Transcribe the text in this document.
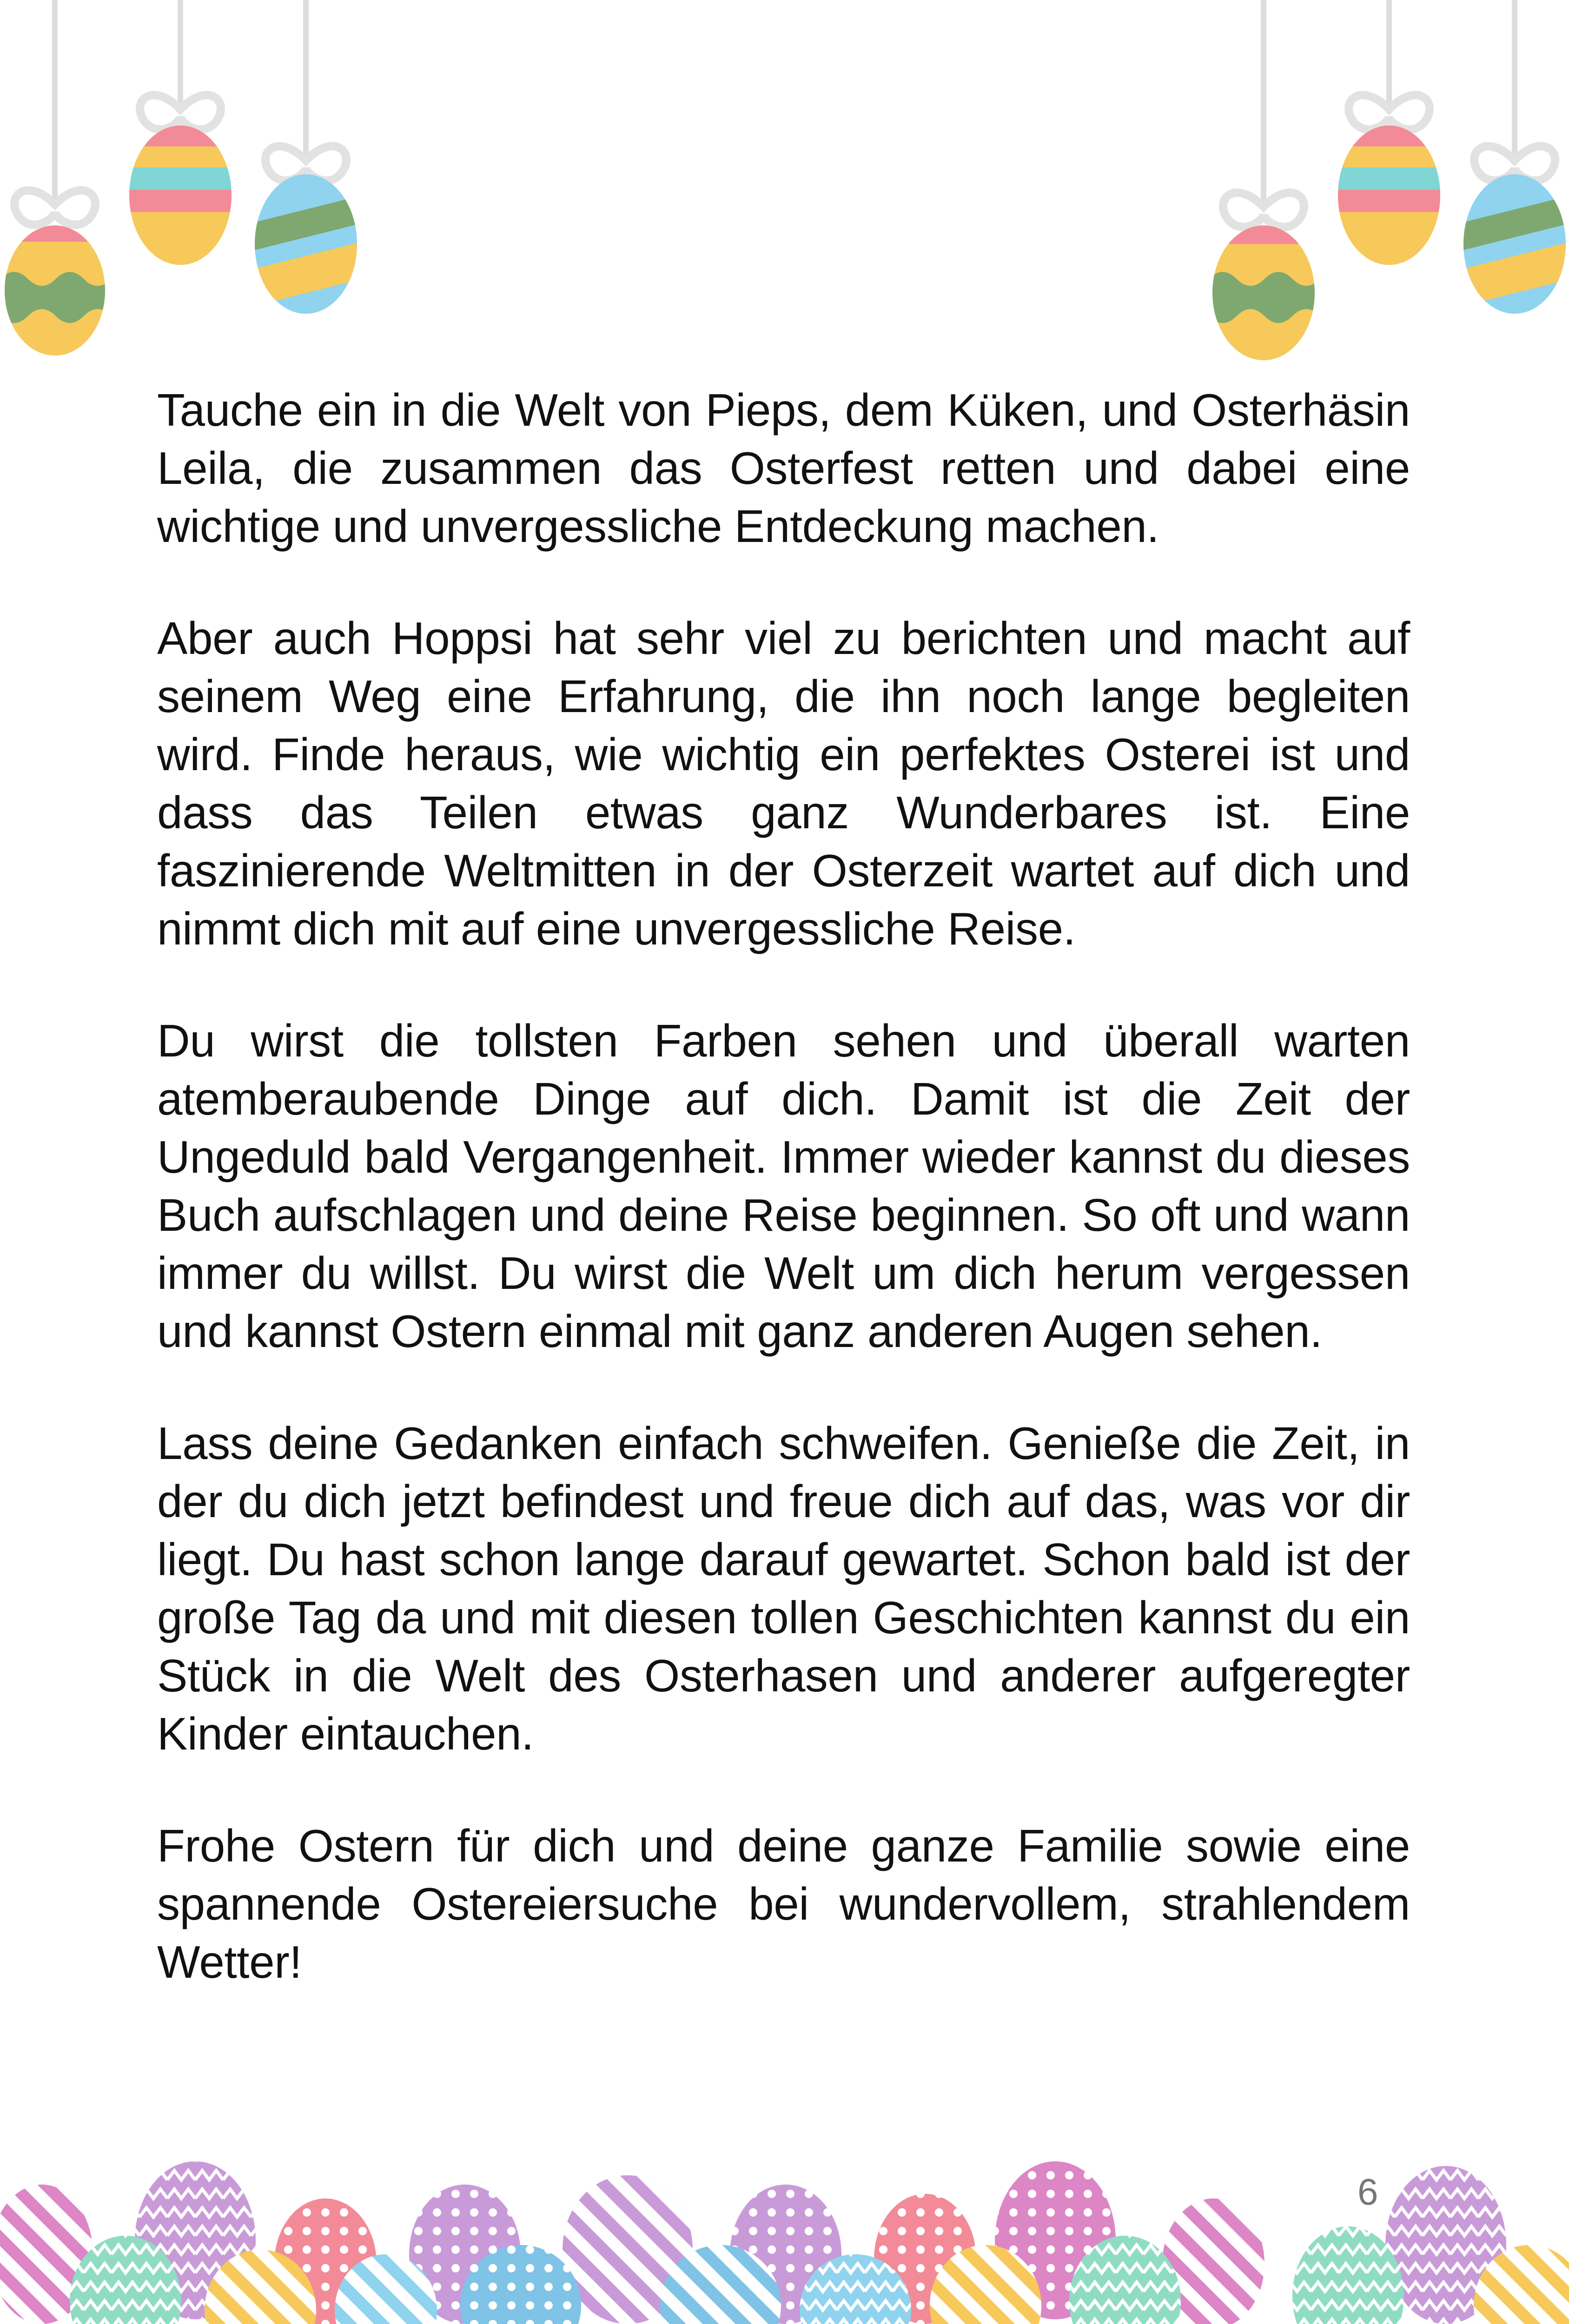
Tauche ein in die Welt von Pieps, dem Küken, und Osterhäsin Leila, die zusammen das Osterfest retten und dabei eine wichtige und unvergessliche Entdeckung machen.

Aber auch Hoppsi hat sehr viel zu berichten und macht auf seinem Weg eine Erfahrung, die ihn noch lange begleiten wird. Finde heraus, wie wichtig ein perfektes Osterei ist und dass das Teilen etwas ganz Wunderbares ist. Eine faszinierende Weltmitten in der Osterzeit wartet auf dich und nimmt dich mit auf eine unvergessliche Reise.

Du wirst die tollsten Farben sehen und überall warten atemberaubende Dinge auf dich. Damit ist die Zeit der Ungeduld bald Vergangenheit. Immer wieder kannst du dieses Buch aufschlagen und deine Reise beginnen. So oft und wann immer du willst. Du wirst die Welt um dich herum vergessen und kannst Ostern einmal mit ganz anderen Augen sehen.

Lass deine Gedanken einfach schweifen. Genieße die Zeit, in der du dich jetzt befindest und freue dich auf das, was vor dir liegt. Du hast schon lange darauf gewartet. Schon bald ist der große Tag da und mit diesen tollen Geschichten kannst du ein Stück in die Welt des Osterhasen und anderer aufgeregter Kinder eintauchen.

Frohe Ostern für dich und deine ganze Familie sowie eine spannende Ostereiersuche bei wundervollem, strahlendem Wetter!

6
